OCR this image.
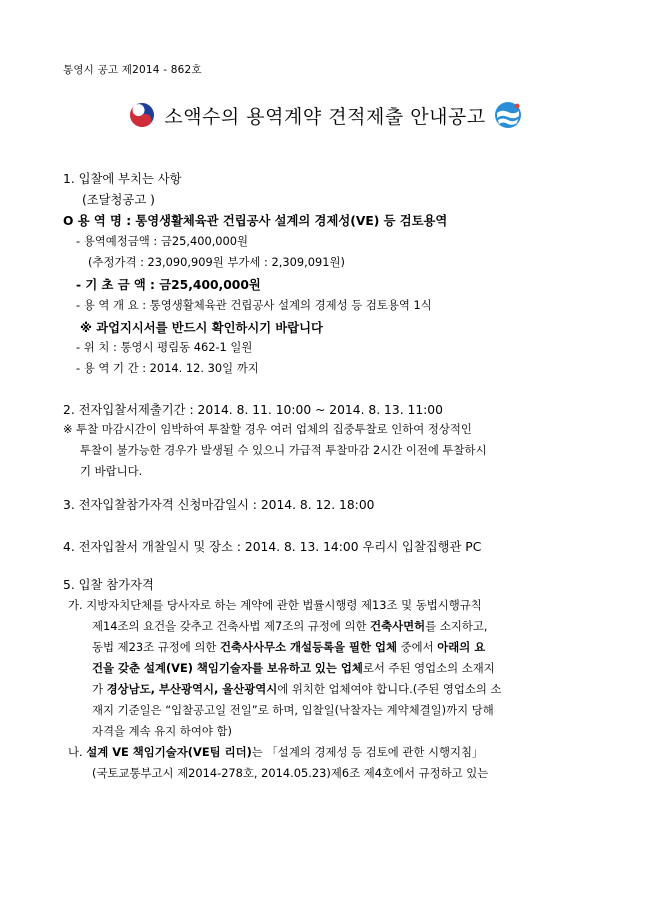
통영시 공고 제2014 - 862호
소액수의 용역계약 견적제출 안내공고
1. 입찰에 부치는 사항
(조달청공고 )
O 용 역 명 : 통영생활체육관 건립공사 설계의 경제성(VE) 등 검토용역
- 용역예정금액 : 금25,400,000원
(추정가격 : 23,090,909원 부가세 : 2,309,091원)
- 기 초 금 액 : 금25,400,000원
- 용 역 개 요 : 통영생활체육관 건립공사 설계의 경제성 등 검토용역 1식
※ 과업지시서를 반드시 확인하시기 바랍니다
- 위 치 : 통영시 평림동 462-1 일원
- 용 역 기 간 : 2014. 12. 30일 까지
2. 전자입찰서제출기간 : 2014. 8. 11. 10:00 ~ 2014. 8. 13. 11:00
※ 투찰 마감시간이 임박하여 투찰할 경우 여러 업체의 집중투찰로 인하여 정상적인
투찰이 불가능한 경우가 발생될 수 있으니 가급적 투찰마감 2시간 이전에 투찰하시
기 바랍니다.
3. 전자입찰참가자격 신청마감일시 : 2014. 8. 12. 18:00
4. 전자입찰서 개찰일시 및 장소 : 2014. 8. 13. 14:00 우리시 입찰집행관 PC
5. 입찰 참가자격
가. 지방자치단체를 당사자로 하는 계약에 관한 법률시행령 제13조 및 동법시행규칙
제14조의 요건을 갖추고 건축사법 제7조의 규정에 의한 건축사면허를 소지하고,
동법 제23조 규정에 의한 건축사사무소 개설등록을 필한 업체 중에서 아래의 요
건을 갖춘 설계(VE) 책임기술자를 보유하고 있는 업체로서 주된 영업소의 소재지
가 경상남도, 부산광역시, 울산광역시에 위치한 업체여야 합니다.(주된 영업소의 소
재지 기준일은 “입찰공고일 전일”로 하며, 입찰일(낙찰자는 계약체결일)까지 당해
자격을 계속 유지 하여야 함)
나. 설계 VE 책임기술자(VE팀 리더)는 「설계의 경제성 등 검토에 관한 시행지침」
(국토교통부고시 제2014-278호, 2014.05.23)제6조 제4호에서 규정하고 있는
